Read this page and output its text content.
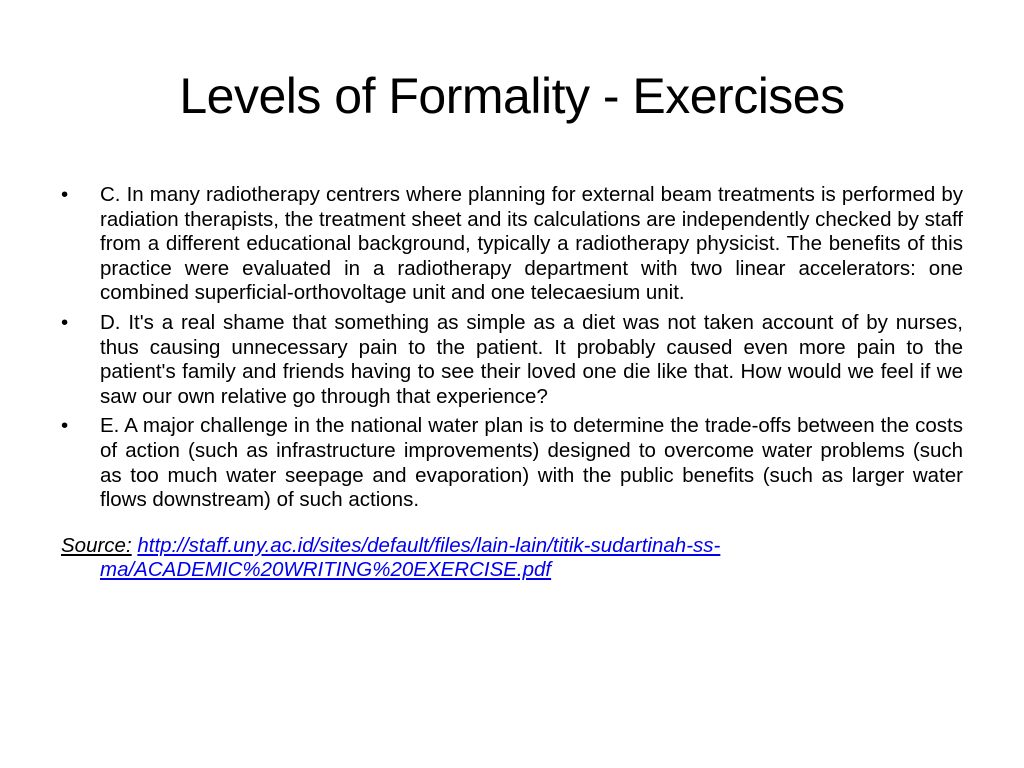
Levels of Formality - Exercises
•	C. In many radiotherapy centrers where planning for external beam treatments is performed by radiation therapists, the treatment sheet and its calculations are independently checked by staff from a different educational background, typically a radiotherapy physicist. The benefits of this practice were evaluated in a radiotherapy department with two linear accelerators: one combined superficial-orthovoltage unit and one telecaesium unit.
•	D. It's a real shame that something as simple as a diet was not taken account of by nurses, thus causing unnecessary pain to the patient. It probably caused even more pain to the patient's family and friends having to see their loved one die like that. How would we feel if we saw our own relative go through that experience?
•	E. A major challenge in the national water plan is to determine the trade-offs between the costs of action (such as infrastructure improvements) designed to overcome water problems (such as too much water seepage and evaporation) with the public benefits (such as larger water flows downstream) of such actions.
Source: http://staff.uny.ac.id/sites/default/files/lain-lain/titik-sudartinah-ss-ma/ACADEMIC%20WRITING%20EXERCISE.pdf
